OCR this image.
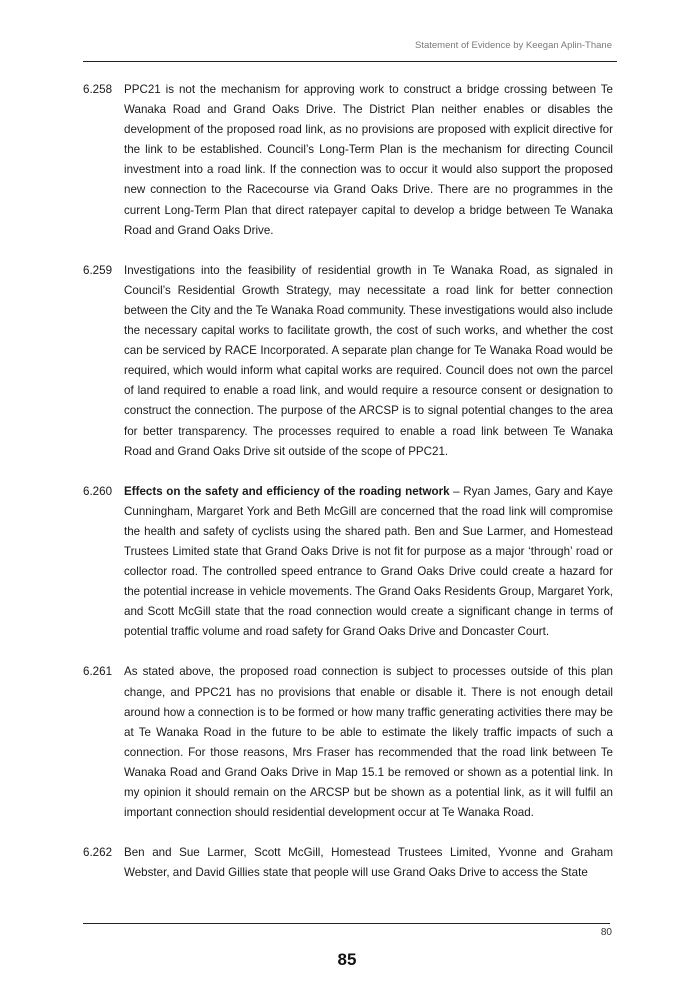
Statement of Evidence by Keegan Aplin-Thane
6.258	PPC21 is not the mechanism for approving work to construct a bridge crossing between Te Wanaka Road and Grand Oaks Drive. The District Plan neither enables or disables the development of the proposed road link, as no provisions are proposed with explicit directive for the link to be established. Council’s Long-Term Plan is the mechanism for directing Council investment into a road link. If the connection was to occur it would also support the proposed new connection to the Racecourse via Grand Oaks Drive. There are no programmes in the current Long-Term Plan that direct ratepayer capital to develop a bridge between Te Wanaka Road and Grand Oaks Drive.
6.259	Investigations into the feasibility of residential growth in Te Wanaka Road, as signaled in Council’s Residential Growth Strategy, may necessitate a road link for better connection between the City and the Te Wanaka Road community. These investigations would also include the necessary capital works to facilitate growth, the cost of such works, and whether the cost can be serviced by RACE Incorporated. A separate plan change for Te Wanaka Road would be required, which would inform what capital works are required. Council does not own the parcel of land required to enable a road link, and would require a resource consent or designation to construct the connection. The purpose of the ARCSP is to signal potential changes to the area for better transparency. The processes required to enable a road link between Te Wanaka Road and Grand Oaks Drive sit outside of the scope of PPC21.
6.260	Effects on the safety and efficiency of the roading network – Ryan James, Gary and Kaye Cunningham, Margaret York and Beth McGill are concerned that the road link will compromise the health and safety of cyclists using the shared path. Ben and Sue Larmer, and Homestead Trustees Limited state that Grand Oaks Drive is not fit for purpose as a major ‘through’ road or collector road. The controlled speed entrance to Grand Oaks Drive could create a hazard for the potential increase in vehicle movements. The Grand Oaks Residents Group, Margaret York, and Scott McGill state that the road connection would create a significant change in terms of potential traffic volume and road safety for Grand Oaks Drive and Doncaster Court.
6.261	As stated above, the proposed road connection is subject to processes outside of this plan change, and PPC21 has no provisions that enable or disable it. There is not enough detail around how a connection is to be formed or how many traffic generating activities there may be at Te Wanaka Road in the future to be able to estimate the likely traffic impacts of such a connection. For those reasons, Mrs Fraser has recommended that the road link between Te Wanaka Road and Grand Oaks Drive in Map 15.1 be removed or shown as a potential link. In my opinion it should remain on the ARCSP but be shown as a potential link, as it will fulfil an important connection should residential development occur at Te Wanaka Road.
6.262	Ben and Sue Larmer, Scott McGill, Homestead Trustees Limited, Yvonne and Graham Webster, and David Gillies state that people will use Grand Oaks Drive to access the State
80
85
